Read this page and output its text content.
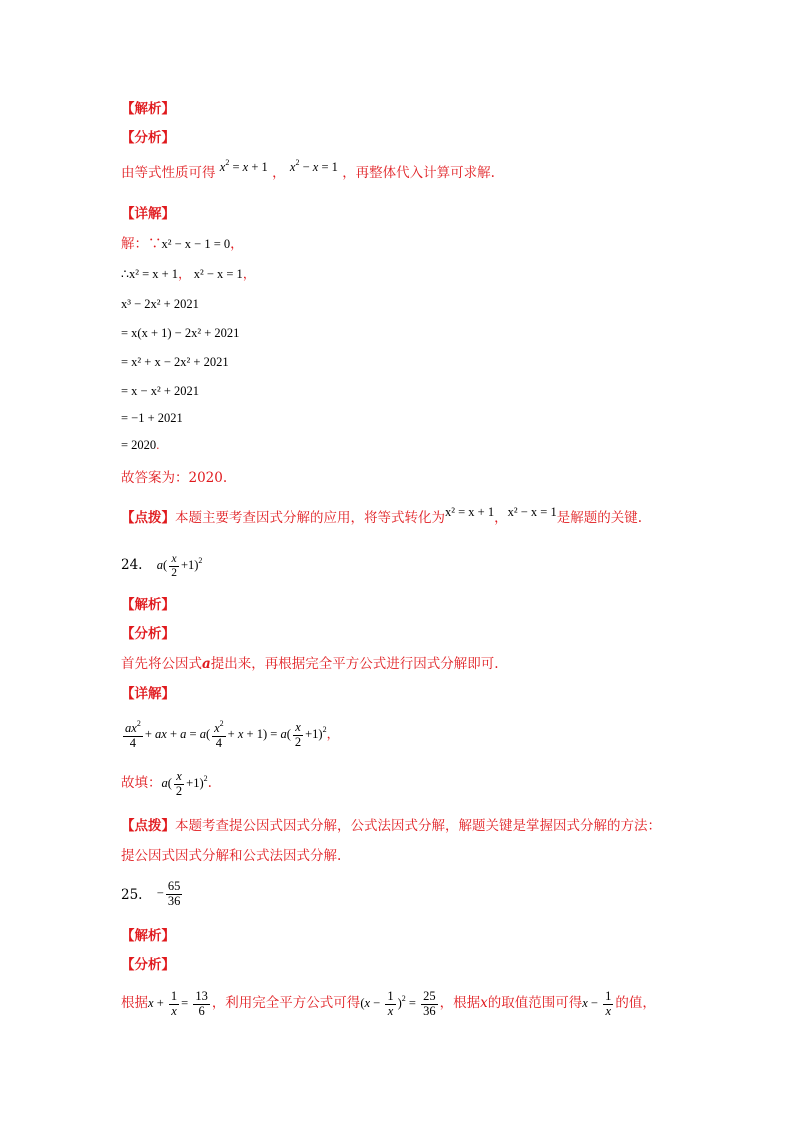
【解析】
【分析】
由等式性质可得 $x^2 = x + 1$ ， $x^2 - x = 1$ ，再整体代入计算可求解.
【详解】
解：∵x² − x − 1 = 0，
∴x² = x + 1， x² − x = 1，
x³ − 2x² + 2021
= x(x + 1) − 2x² + 2021
= x² + x − 2x² + 2021
= x − x² + 2021
= −1 + 2021
= 2020.
故答案为：2020.
【点拨】本题主要考查因式分解的应用，将等式转化为x² = x + 1，x² − x = 1是解题的关键.
24. $a( \frac{x}{2} +1)^2$
【解析】
【分析】
首先将公因式a提出来，再根据完全平方公式进行因式分解即可.
【详解】
$\frac{ax^2}{4}$ + ax + $a = a( \frac{x^2}{4} + x + 1) = a( \frac{x}{2} +1)^2$，
故填：$a( \frac{x}{2} +1)^2$.
【点拨】本题考查提公因式因式分解，公式法因式分解，解题关键是掌握因式分解的方法：
提公因式因式分解和公式法因式分解.
25. − $\frac{65}{36}$
【解析】
【分析】
根据$x + \frac{1}{x} = \frac{13}{6}$ ，利用完全平方公式可得$(x - \frac{1}{x} )^2 = \frac{25}{36}$ ，根据x的取值范围可得$x - \frac{1}{x}$ 的值，
